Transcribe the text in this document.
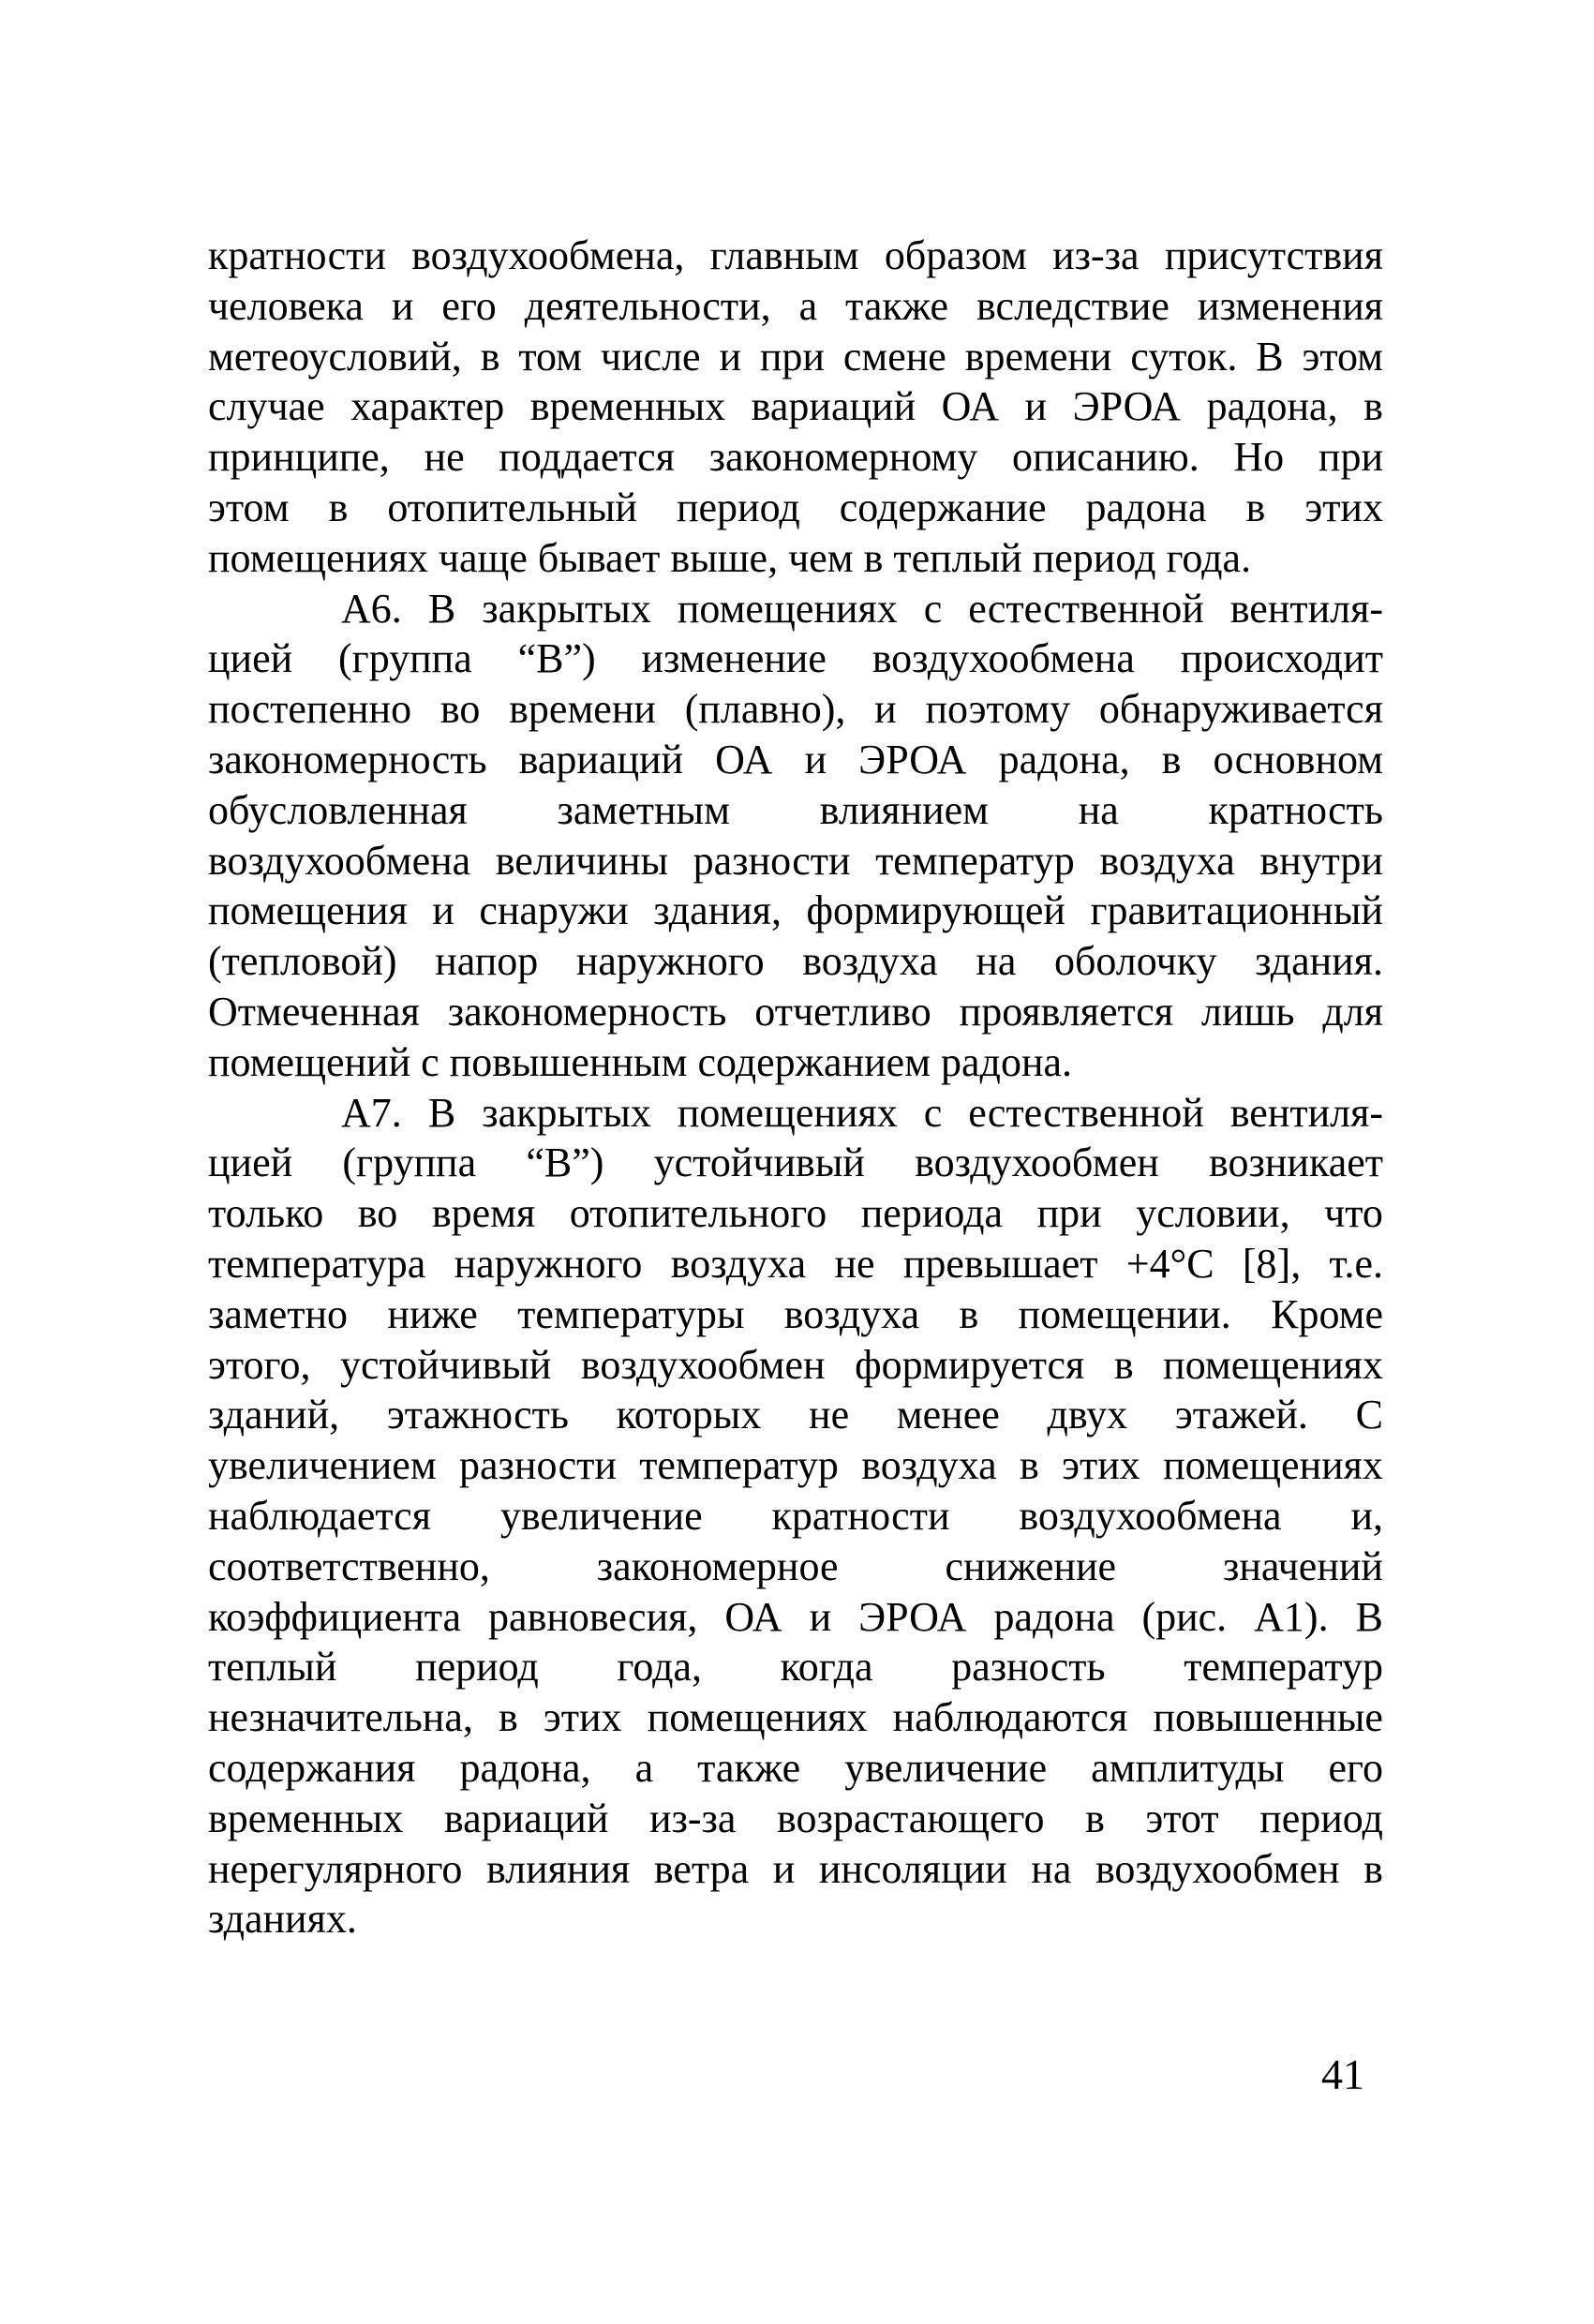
кратности воздухообмена, главным образом из-за присутствия
человека и его деятельности, а также вследствие изменения
метеоусловий, в том числе и при смене времени суток. В этом
случае характер временных вариаций ОА и ЭРОА радона, в
принципе, не поддается закономерному описанию. Но при
этом в отопительный период содержание радона в этих
помещениях чаще бывает выше, чем в теплый период года.
А6. В закрытых помещениях с естественной вентиля-
цией (группа “В”) изменение воздухообмена происходит
постепенно во времени (плавно), и поэтому обнаруживается
закономерность вариаций ОА и ЭРОА радона, в основном
обусловленная заметным влиянием на кратность
воздухообмена величины разности температур воздуха внутри
помещения и снаружи здания, формирующей гравитационный
(тепловой) напор наружного воздуха на оболочку здания.
Отмеченная закономерность отчетливо проявляется лишь для
помещений с повышенным содержанием радона.
А7. В закрытых помещениях с естественной вентиля-
цией (группа “В”) устойчивый воздухообмен возникает
только во время отопительного периода при условии, что
температура наружного воздуха не превышает +4°С [8], т.е.
заметно ниже температуры воздуха в помещении. Кроме
этого, устойчивый воздухообмен формируется в помещениях
зданий, этажность которых не менее двух этажей. С
увеличением разности температур воздуха в этих помещениях
наблюдается увеличение кратности воздухообмена и,
соответственно,	закономерное	снижение	значений
коэффициента равновесия, ОА и ЭРОА радона (рис. А1). В
теплый период года, когда разность температур
незначительна, в этих помещениях наблюдаются повышенные
содержания радона, а также увеличение амплитуды его
временных вариаций из-за возрастающего в этот период
нерегулярного влияния ветра и инсоляции на воздухообмен в
зданиях.
41
